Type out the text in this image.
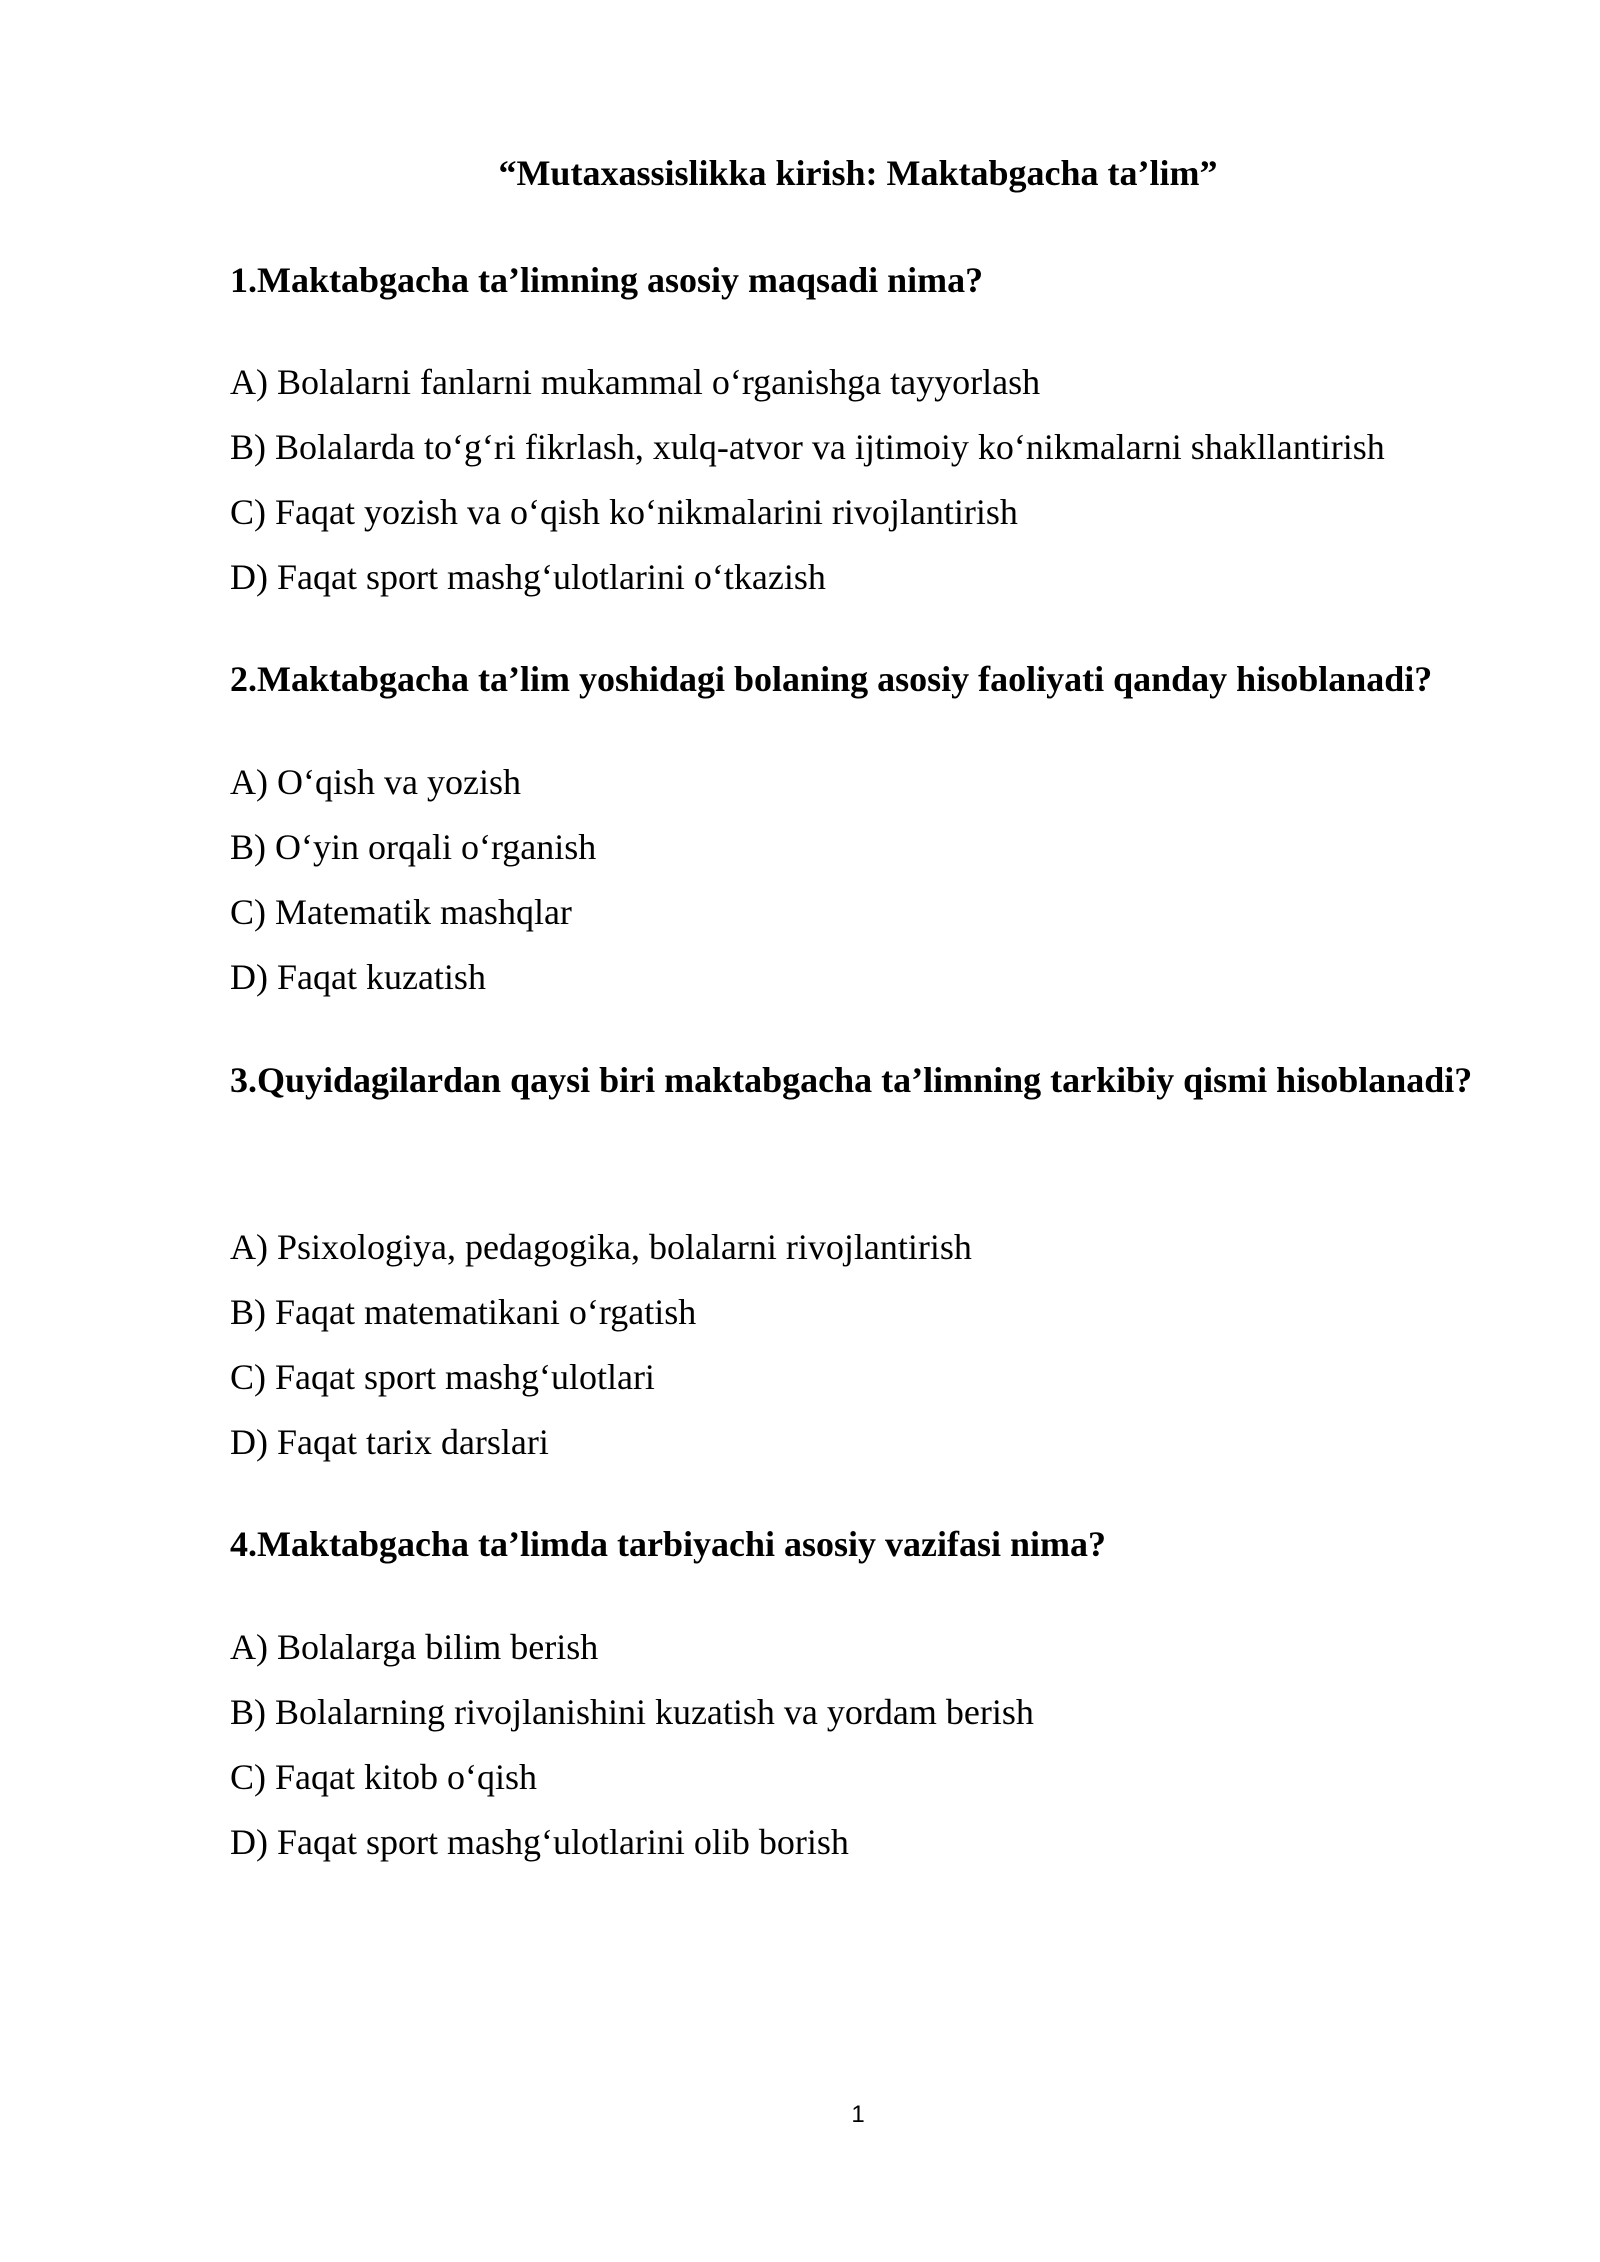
“Mutaxassislikka kirish: Maktabgacha ta’lim”
1.Maktabgacha ta’limning asosiy maqsadi nima?
A) Bolalarni fanlarni mukammal o‘rganishga tayyorlash
B) Bolalarda to‘g‘ri fikrlash, xulq-atvor va ijtimoiy ko‘nikmalarni shakllantirish
C) Faqat yozish va o‘qish ko‘nikmalarini rivojlantirish
D) Faqat sport mashg‘ulotlarini o‘tkazish
2.Maktabgacha ta’lim yoshidagi bolaning asosiy faoliyati qanday hisoblanadi?
A) O‘qish va yozish
B) O‘yin orqali o‘rganish
C) Matematik mashqlar
D) Faqat kuzatish
3.Quyidagilardan qaysi biri maktabgacha ta’limning tarkibiy qismi hisoblanadi?
A) Psixologiya, pedagogika, bolalarni rivojlantirish
B) Faqat matematikani o‘rgatish
C) Faqat sport mashg‘ulotlari
D) Faqat tarix darslari
4.Maktabgacha ta’limda tarbiyachi asosiy vazifasi nima?
A) Bolalarga bilim berish
B) Bolalarning rivojlanishini kuzatish va yordam berish
C) Faqat kitob o‘qish
D) Faqat sport mashg‘ulotlarini olib borish
1
